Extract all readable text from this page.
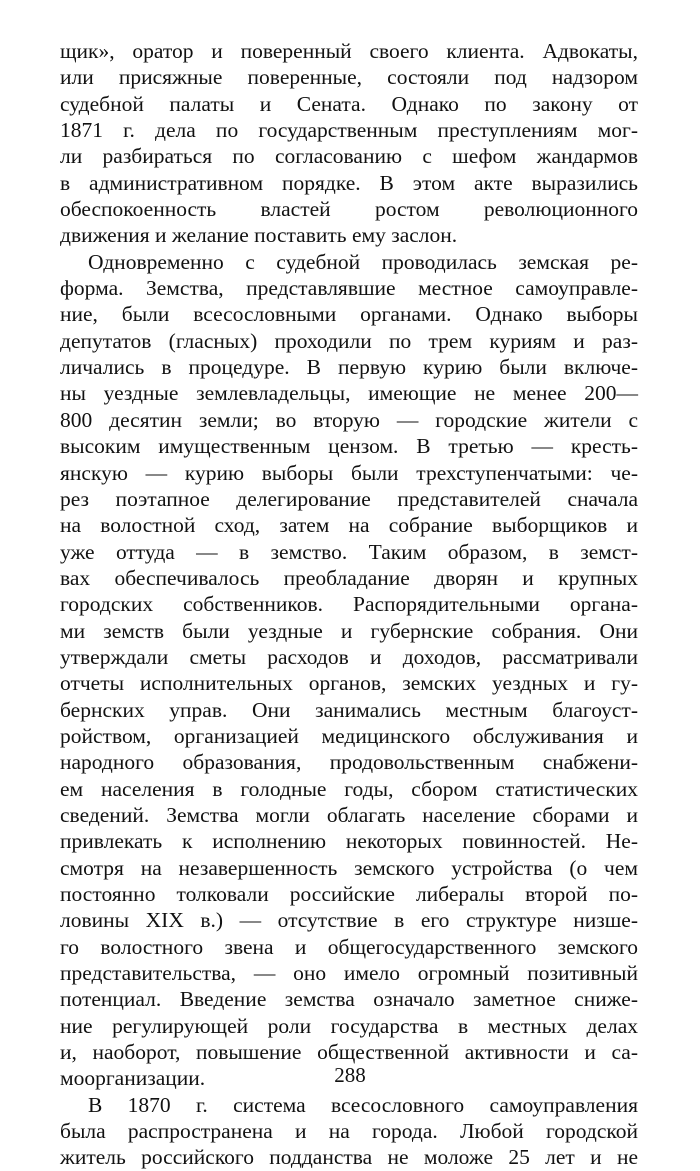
щик», оратор и поверенный своего клиента. Адвокаты,
или присяжные поверенные, состояли под надзором
судебной палаты и Сената. Однако по закону от
1871 г. дела по государственным преступлениям мог-
ли разбираться по согласованию с шефом жандармов
в административном порядке. В этом акте выразились
обеспокоенность властей ростом революционного
движения и желание поставить ему заслон.
Одновременно с судебной проводилась земская ре-
форма. Земства, представлявшие местное самоуправле-
ние, были всесословными органами. Однако выборы
депутатов (гласных) проходили по трем куриям и раз-
личались в процедуре. В первую курию были включе-
ны уездные землевладельцы, имеющие не менее 200—
800 десятин земли; во вторую — городские жители с
высоким имущественным цензом. В третью — кресть-
янскую — курию выборы были трехступенчатыми: че-
рез поэтапное делегирование представителей сначала
на волостной сход, затем на собрание выборщиков и
уже оттуда — в земство. Таким образом, в земст-
вах обеспечивалось преобладание дворян и крупных
городских собственников. Распорядительными органа-
ми земств были уездные и губернские собрания. Они
утверждали сметы расходов и доходов, рассматривали
отчеты исполнительных органов, земских уездных и гу-
бернских управ. Они занимались местным благоуст-
ройством, организацией медицинского обслуживания и
народного образования, продовольственным снабжени-
ем населения в голодные годы, сбором статистических
сведений. Земства могли облагать население сборами и
привлекать к исполнению некоторых повинностей. Не-
смотря на незавершенность земского устройства (о чем
постоянно толковали российские либералы второй по-
ловины XIX в.) — отсутствие в его структуре низше-
го волостного звена и общегосударственного земского
представительства, — оно имело огромный позитивный
потенциал. Введение земства означало заметное сниже-
ние регулирующей роли государства в местных делах
и, наоборот, повышение общественной активности и са-
моорганизации.
В 1870 г. система всесословного самоуправления
была распространена и на города. Любой городской
житель российского подданства не моложе 25 лет и не
288
